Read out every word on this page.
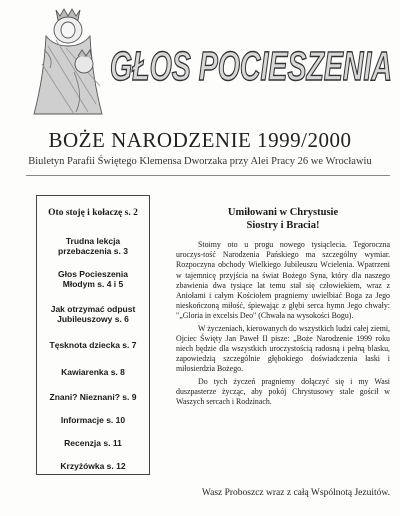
GŁOS POCIESZENIA
BOŻE NARODZENIE 1999/2000
Biuletyn Parafii Świętego Klemensa Dworzaka przy Alei Pracy 26 we Wrocławiu
Oto stoję i kołaczę s. 2
Trudna lekcja
przebaczenia s. 3
Głos Pocieszenia
Młodym s. 4 i 5
Jak otrzymać odpust
Jubileuszowy s. 6
Tęsknota dziecka s. 7
Kawiarenka s. 8
Znani? Nieznani? s. 9
Informacje s. 10
Recenzja s. 11
Krzyżówka s. 12
Umiłowani w Chrystusie
Siostry i Bracia!

Stoimy oto u progu nowego tysiąclecia. Tegoroczna uroczys-tość Narodzenia Pańskiego ma szczególny wymiar. Rozpoczyna obchody Wielkiego Jubileuszu Wcielenia. Wpatrzeni w tajemnicę przyjścia na świat Bożego Syna, który dla naszego zbawienia dwa tysiące lat temu stał się człowiekiem, wraz z Aniołami i całym Kościołem pragniemy uwielbiać Boga za Jego nieskończoną miłość, śpiewając z głębi serca hymn Jego chwały: "„Gloria in excelsis Deo" (Chwała na wysokości Bogu).

W życzeniach, kierowanych do wszystkich ludzi całej ziemi, Ojciec Święty Jan Paweł II pisze: „Boże Narodzenie 1999 roku niech będzie dla wszystkich uroczystością radosną i pełną blasku, zapowiedzią szczególnie głębokiego doświadczenia łaski i miłosierdzia Bożego.

Do tych życzeń pragniemy dołączyć się i my Wasi duszpasterze życząc, aby pokój Chrystusowy stale gościł w Waszych sercach i Rodzinach.

Wasz Proboszcz wraz z całą Wspólnotą Jezuitów.
